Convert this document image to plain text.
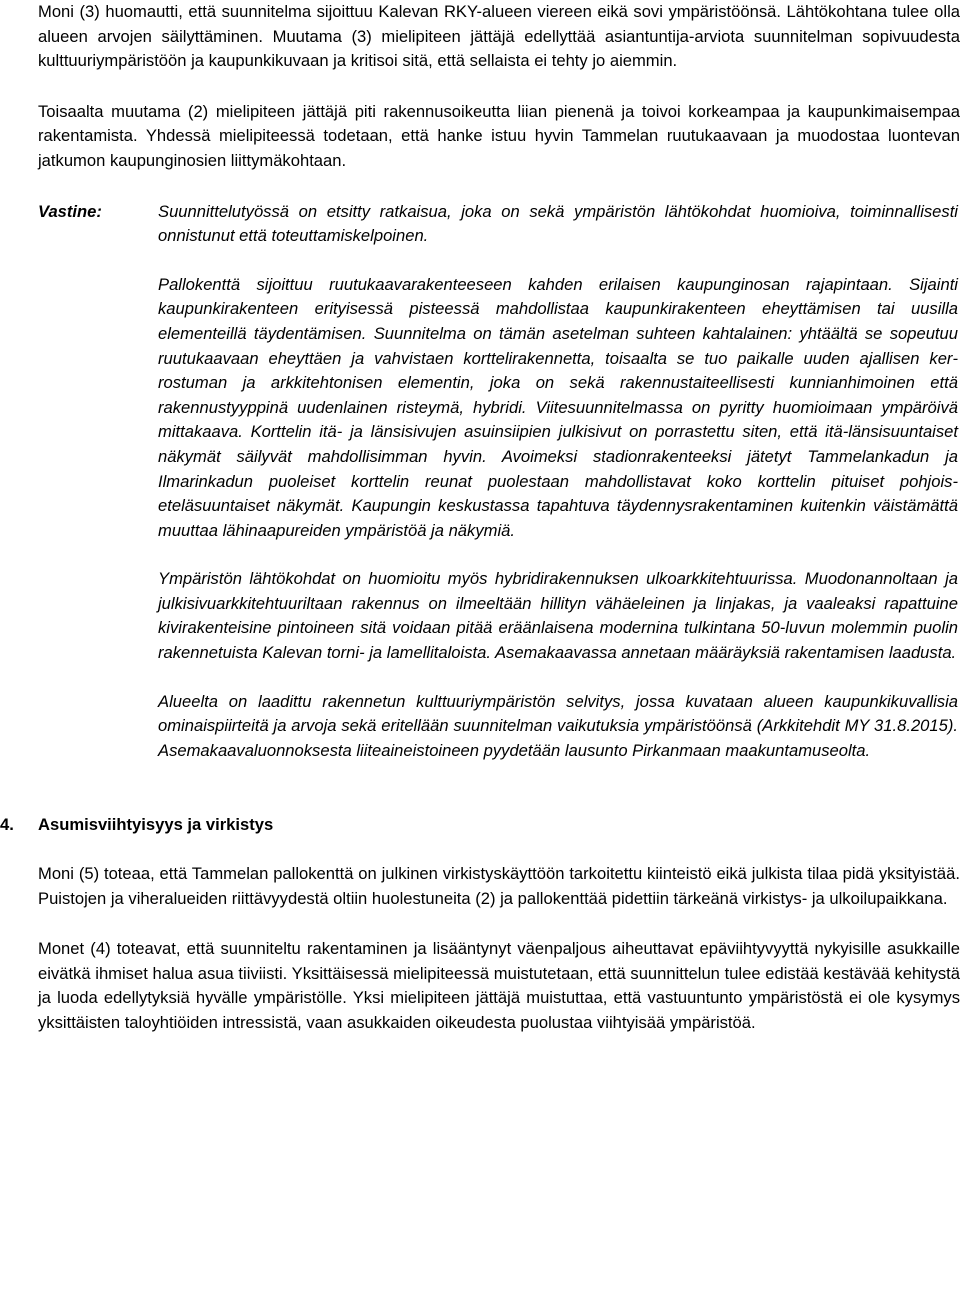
Moni (3) huomautti, että suunnitelma sijoittuu Kalevan RKY-alueen viereen eikä sovi ympäristöönsä. Lähtökohtana tulee olla alueen arvojen säilyttäminen. Muutama (3) mielipiteen jättäjä edellyttää asiantuntija-arviota suunnitelman sopivuudesta kulttuuriympäristöön ja kaupunkikuvaan ja kritisoi sitä, että sellaista ei tehty jo aiemmin.

Toisaalta muutama (2) mielipiteen jättäjä piti rakennusoikeutta liian pienenä ja toivoi korkeampaa ja kaupunkimaisempaa rakentamista. Yhdessä mielipiteessä todetaan, että hanke istuu hyvin Tammelan ruutukaavaan ja muodostaa luontevan jatkumon kaupunginosien liittymäkohtaan.

Vastine:	Suunnittelutyössä on etsitty ratkaisua, joka on sekä ympäristön lähtökohdat huomioiva, toiminnallisesti onnistunut että toteuttamiskelpoinen.

Pallokenttä sijoittuu ruutukaavarakenteeseen kahden erilaisen kaupunginosan rajapintaan. Sijainti kaupunkirakenteen erityisessä pisteessä mahdollistaa kaupunkirakenteen eheyttämisen tai uusilla elementeillä täydentämisen. Suunnitelma on tämän asetelman suhteen kahtalainen: yhtäältä se sopeutuu ruutukaavaan eheyttäen ja vahvistaen korttelirakennetta, toisaalta se tuo paikalle uuden ajallisen kerrostuman ja arkkitehtonisen elementin, joka on sekä rakennustaiteellisesti kunnianhimoinen että rakennustyyppinä uudenlainen risteymä, hybridi. Viitesuunnitelmassa on pyritty huomioimaan ympäröivä mittakaava. Korttelin itä- ja länsisivujen asuinsiipien julkisivut on porrastettu siten, että itä-länsisuuntaiset näkymät säilyvät mahdollisimman hyvin. Avoimeksi stadionrakenteeksi jätetyt Tammelankadun ja Ilmarinkadun puoleiset korttelin reunat puolestaan mahdollistavat koko korttelin pituiset pohjois-eteläsuuntaiset näkymät. Kaupungin keskustassa tapahtuva täydennysrakentaminen kuitenkin väistämättä muuttaa lähinaapureiden ympäristöä ja näkymiä.

Ympäristön lähtökohdat on huomioitu myös hybridirakennuksen ulkoarkkitehtuurissa. Muodonannoltaan ja julkisivuarkkitehtuuriltaan rakennus on ilmeeltään hillityn vähäeleinen ja linjakas, ja vaaleaksi rapattuine kivirakenteisine pintoineen sitä voidaan pitää eräänlaisena modernina tulkintana 50-luvun molemmin puolin rakennetuista Kalevan torni- ja lamellitaloista. Asemakaavassa annetaan määräyksiä rakentamisen laadusta.

Alueelta on laadittu rakennetun kulttuuriympäristön selvitys, jossa kuvataan alueen kaupunkikuvallisia ominaispiirteitä ja arvoja sekä eritellään suunnitelman vaikutuksia ympäristöönsä (Arkkitehdit MY 31.8.2015). Asemakaavaluonnoksesta liiteaineistoineen pyydetään lausunto Pirkanmaan maakuntamuseolta.

4. Asumisviihtyisyys ja virkistys

Moni (5) toteaa, että Tammelan pallokenttä on julkinen virkistyskäyttöön tarkoitettu kiinteistö eikä julkista tilaa pidä yksityistää. Puistojen ja viheralueiden riittävyydestä oltiin huolestuneita (2) ja pallokenttää pidettiin tärkeänä virkistys- ja ulkoilupaikkana.

Monet (4) toteavat, että suunniteltu rakentaminen ja lisääntynyt väenpaljous aiheuttavat epäviihtyvyyttä nykyisille asukkaille eivätkä ihmiset halua asua tiiviisti. Yksittäisessä mielipiteessä muistutetaan, että suunnittelun tulee edistää kestävää kehitystä ja luoda edellytyksiä hyvälle ympäristölle. Yksi mielipiteen jättäjä muistuttaa, että vastuuntunto ympäristöstä ei ole kysymys yksittäisten taloyhtiöiden intressistä, vaan asukkaiden oikeudesta puolustaa viihtyisää ympäristöä.
